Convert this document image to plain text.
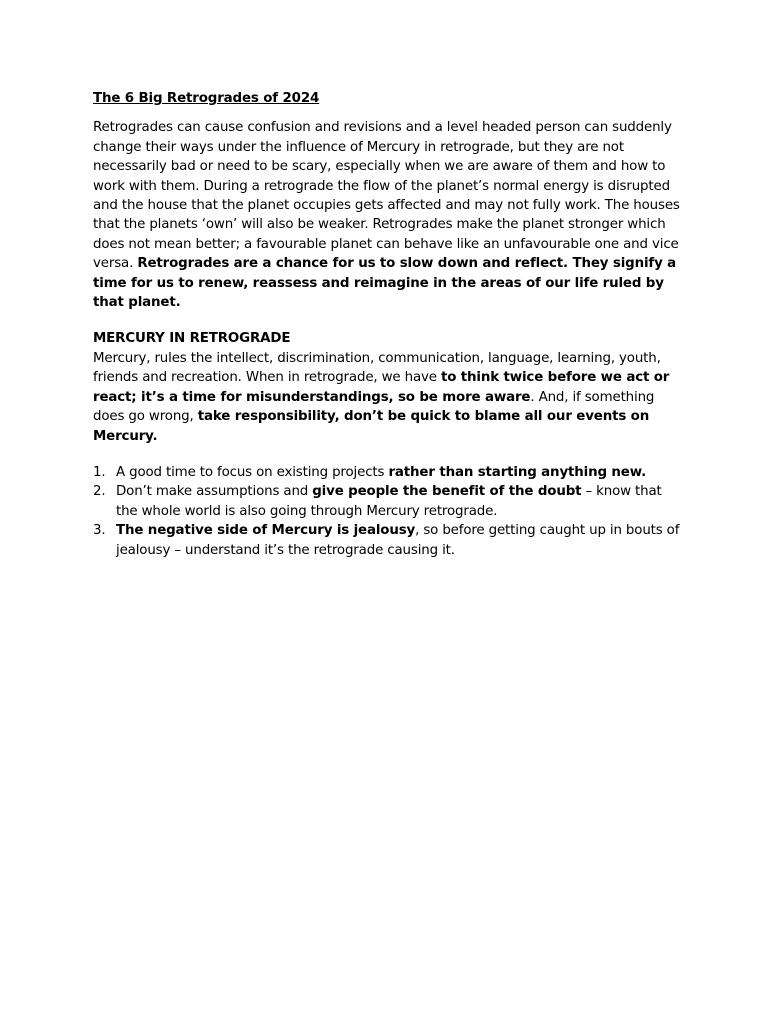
The 6 Big Retrogrades of 2024

Retrogrades can cause confusion and revisions and a level headed person can suddenly change their ways under the influence of Mercury in retrograde, but they are not necessarily bad or need to be scary, especially when we are aware of them and how to work with them. During a retrograde the flow of the planet’s normal energy is disrupted and the house that the planet occupies gets affected and may not fully work. The houses that the planets ‘own’ will also be weaker. Retrogrades make the planet stronger which does not mean better; a favourable planet can behave like an unfavourable one and vice versa. Retrogrades are a chance for us to slow down and reflect. They signify a time for us to renew, reassess and reimagine in the areas of our life ruled by that planet.

MERCURY IN RETROGRADE

Mercury, rules the intellect, discrimination, communication, language, learning, youth, friends and recreation. When in retrograde, we have to think twice before we act or react; it’s a time for misunderstandings, so be more aware. And, if something does go wrong, take responsibility, don’t be quick to blame all our events on Mercury.

1. A good time to focus on existing projects rather than starting anything new.
2. Don’t make assumptions and give people the benefit of the doubt – know that the whole world is also going through Mercury retrograde.
3. The negative side of Mercury is jealousy, so before getting caught up in bouts of jealousy – understand it’s the retrograde causing it.
